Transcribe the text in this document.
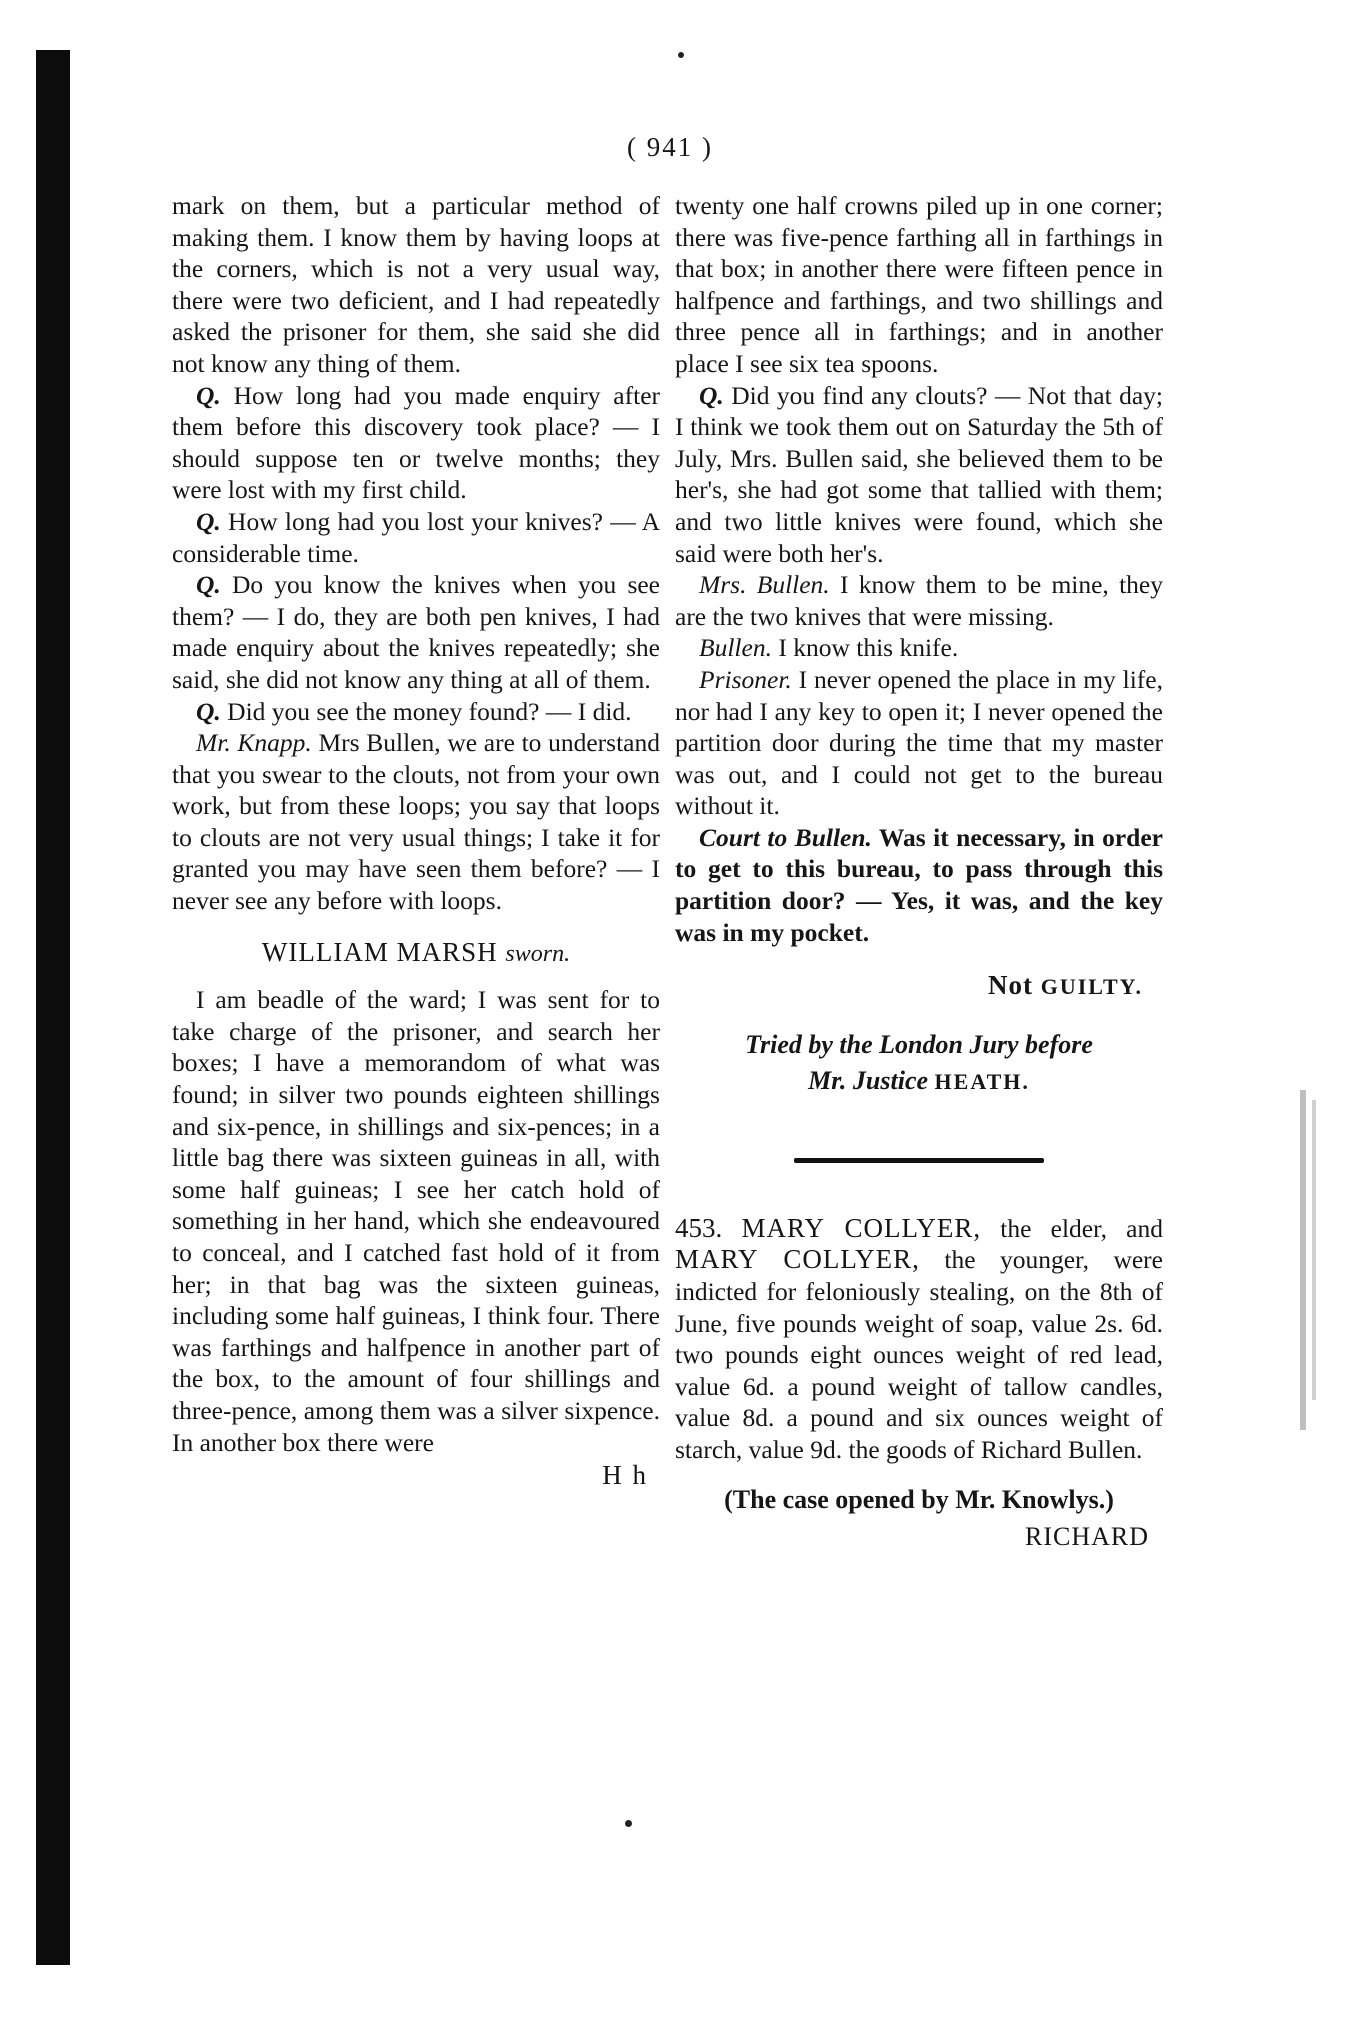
( 941 )

mark on them, but a particular method of making them. I know them by having loops at the corners, which is not a very usual way, there were two deficient, and I had repeatedly asked the prisoner for them, she said she did not know any thing of them.

Q. How long had you made enquiry after them before this discovery took place? — I should suppose ten or twelve months; they were lost with my first child.

Q. How long had you lost your knives? — A considerable time.

Q. Do you know the knives when you see them? — I do, they are both pen knives, I had made enquiry about the knives repeatedly; she said, she did not know any thing at all of them.

Q. Did you see the money found? — I did.

Mr. Knapp. Mrs Bullen, we are to understand that you swear to the clouts, not from your own work, but from these loops; you say that loops to clouts are not very usual things; I take it for granted you may have seen them before? — I never see any before with loops.

WILLIAM MARSH sworn.

I am beadle of the ward; I was sent for to take charge of the prisoner, and search her boxes; I have a memorandom of what was found; in silver two pounds eighteen shillings and six-pence, in shillings and six-pences; in a little bag there was sixteen guineas in all, with some half guineas; I see her catch hold of something in her hand, which she endeavoured to conceal, and I catched fast hold of it from her; in that bag was the sixteen guineas, including some half guineas, I think four. There was farthings and halfpence in another part of the box, to the amount of four shillings and three-pence, among them was a silver sixpence. In another box there were

H h

twenty one half crowns piled up in one corner; there was five-pence farthing all in farthings in that box; in another there were fifteen pence in halfpence and farthings, and two shillings and three pence all in farthings; and in another place I see six tea spoons.

Q. Did you find any clouts? — Not that day; I think we took them out on Saturday the 5th of July, Mrs. Bullen said, she believed them to be her's, she had got some that tallied with them; and two little knives were found, which she said were both her's.

Mrs. Bullen. I know them to be mine, they are the two knives that were missing.

Bullen. I know this knife.

Prisoner. I never opened the place in my life, nor had I any key to open it; I never opened the partition door during the time that my master was out, and I could not get to the bureau without it.

Court to Bullen. Was it necessary, in order to get to this bureau, to pass through this partition door? — Yes, it was, and the key was in my pocket.

Not GUILTY.
Tried by the London Jury before
Mr. Justice HEATH.

453. MARY COLLYER, the elder, and MARY COLLYER, the younger, were indicted for feloniously stealing, on the 8th of June, five pounds weight of soap, value 2s. 6d. two pounds eight ounces weight of red lead, value 6d. a pound weight of tallow candles, value 8d. a pound and six ounces weight of starch, value 9d. the goods of Richard Bullen.

(The case opened by Mr. Knowlys.)
RICHARD
